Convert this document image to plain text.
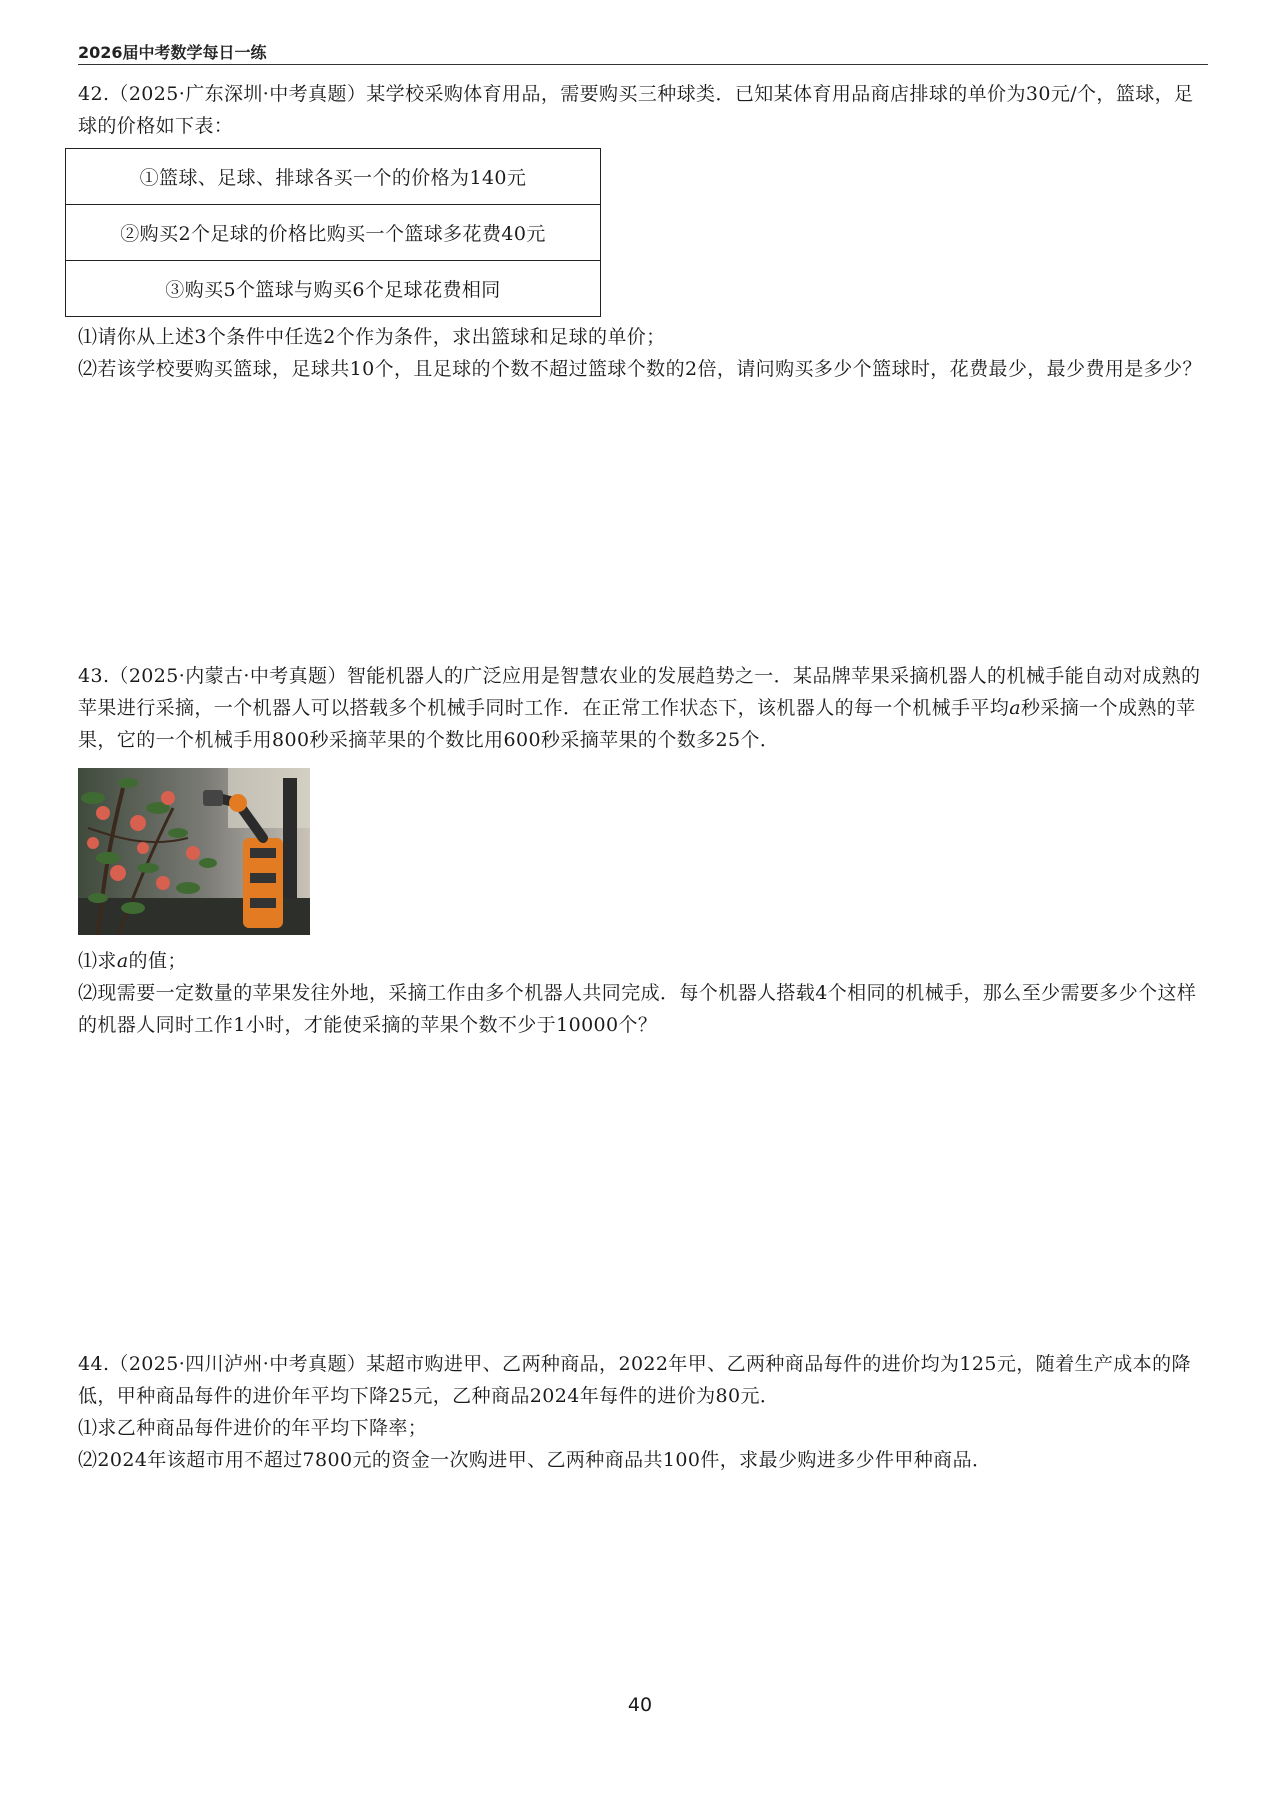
2026届中考数学每日一练

42.（2025·广东深圳·中考真题）某学校采购体育用品，需要购买三种球类．已知某体育用品商店排球的单价为30元/个，篮球，足球的价格如下表：

①篮球、足球、排球各买一个的价格为140元
②购买2个足球的价格比购买一个篮球多花费40元
③购买5个篮球与购买6个足球花费相同

⑴请你从上述3个条件中任选2个作为条件，求出篮球和足球的单价；

⑵若该学校要购买篮球，足球共10个，且足球的个数不超过篮球个数的2倍，请问购买多少个篮球时，花费最少，最少费用是多少？

43.（2025·内蒙古·中考真题）智能机器人的广泛应用是智慧农业的发展趋势之一．某品牌苹果采摘机器人的机械手能自动对成熟的苹果进行采摘，一个机器人可以搭载多个机械手同时工作．在正常工作状态下，该机器人的每一个机械手平均a秒采摘一个成熟的苹果，它的一个机械手用800秒采摘苹果的个数比用600秒采摘苹果的个数多25个．

⑴求a的值；

⑵现需要一定数量的苹果发往外地，采摘工作由多个机器人共同完成．每个机器人搭载4个相同的机械手，那么至少需要多少个这样的机器人同时工作1小时，才能使采摘的苹果个数不少于10000个？

44.（2025·四川泸州·中考真题）某超市购进甲、乙两种商品，2022年甲、乙两种商品每件的进价均为125元，随着生产成本的降低，甲种商品每件的进价年平均下降25元，乙种商品2024年每件的进价为80元．

⑴求乙种商品每件进价的年平均下降率；

⑵2024年该超市用不超过7800元的资金一次购进甲、乙两种商品共100件，求最少购进多少件甲种商品．

40
